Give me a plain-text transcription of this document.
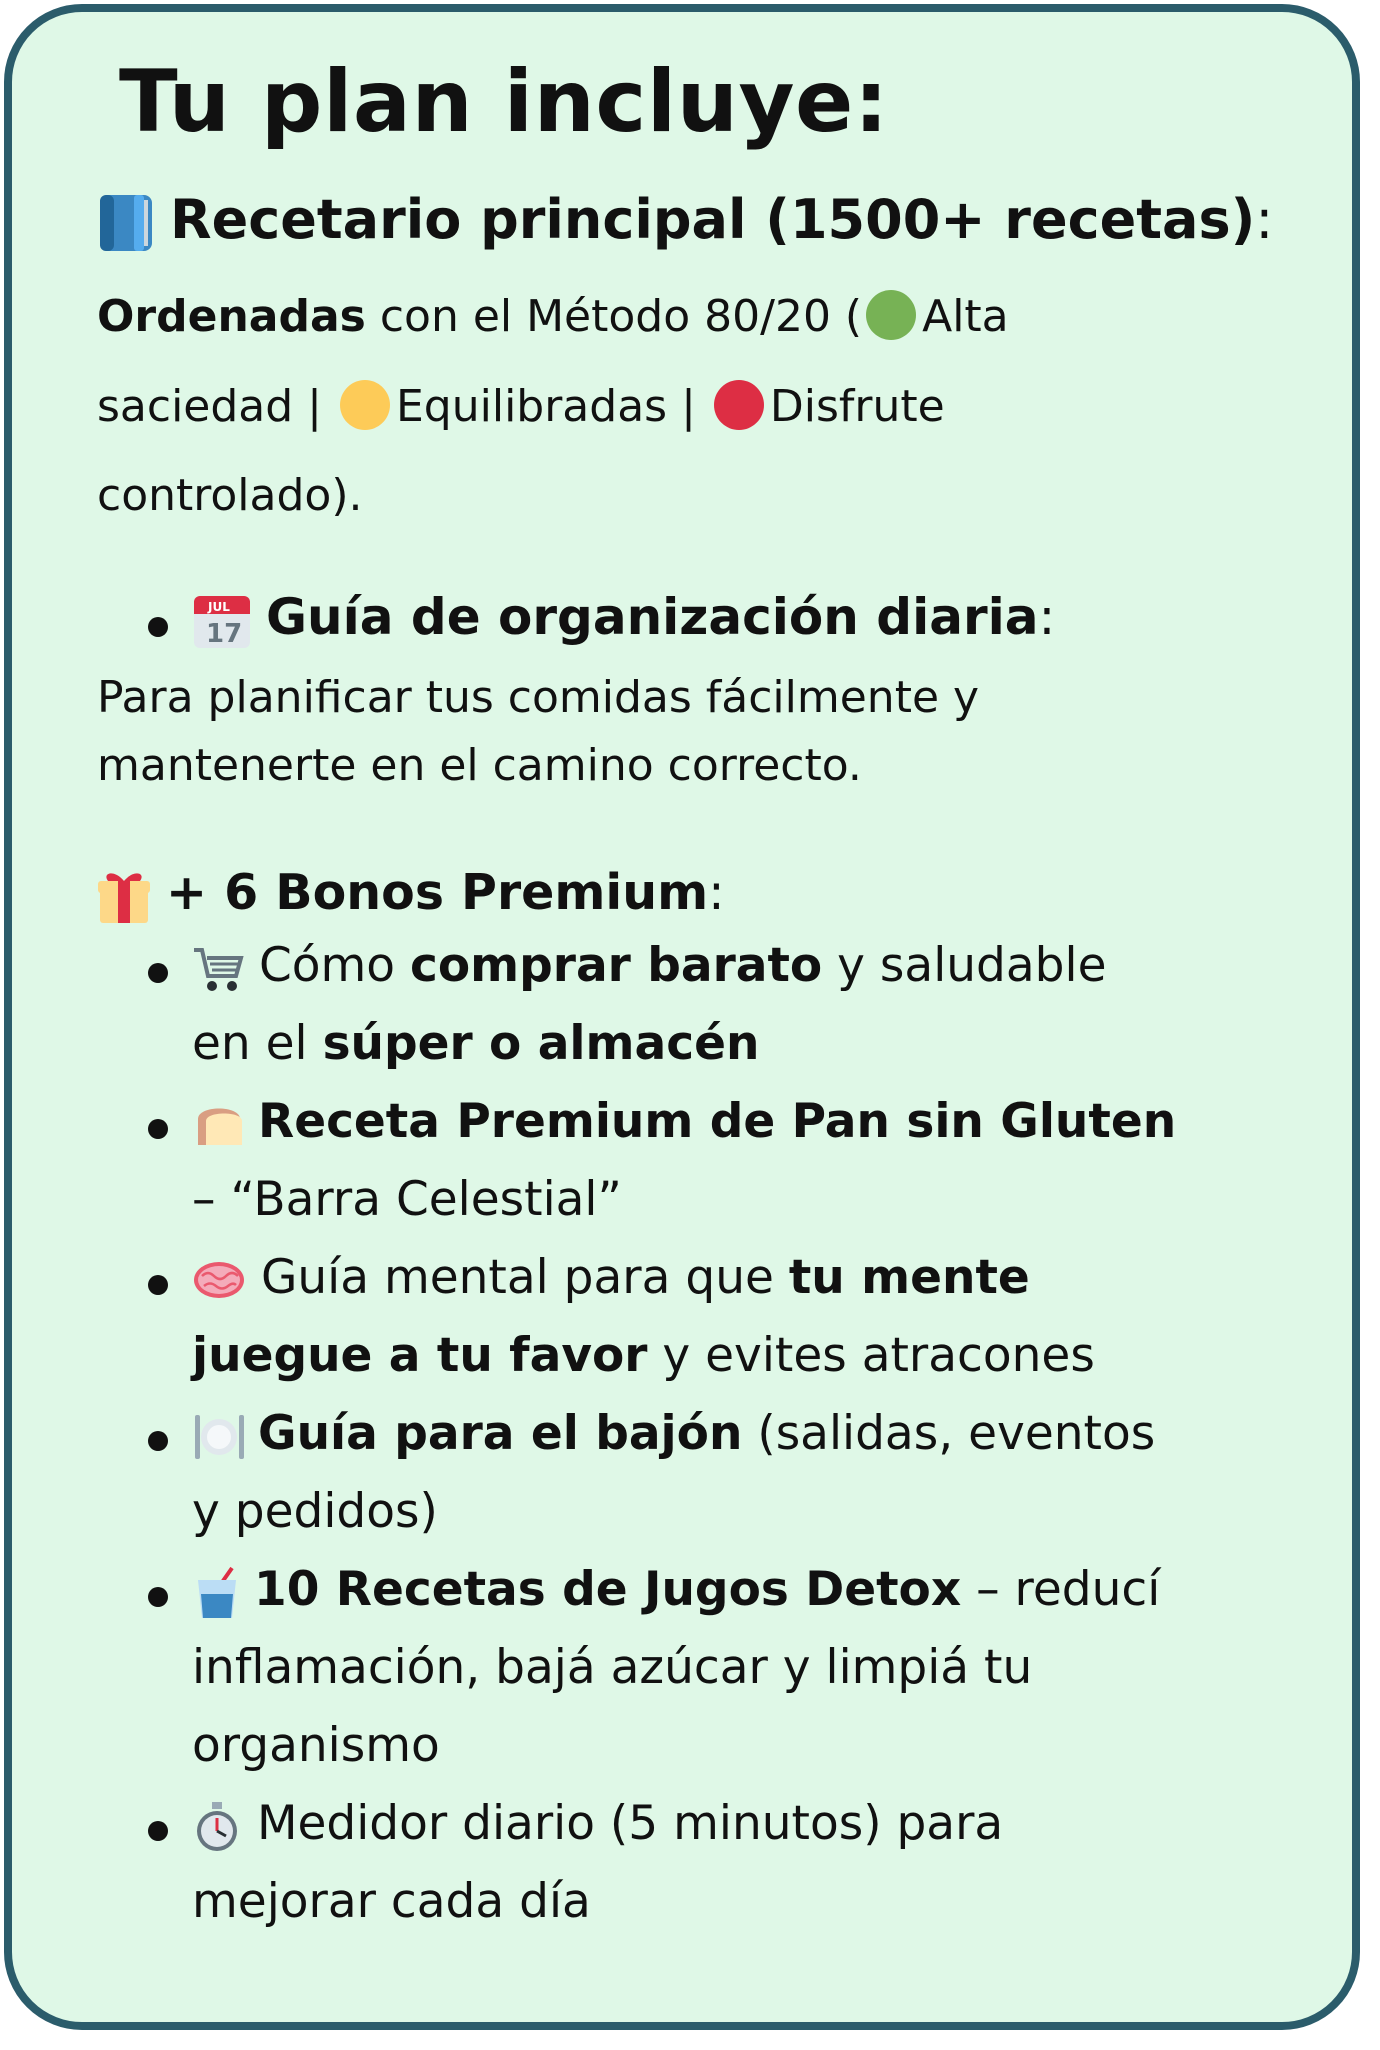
Tu plan incluye:
Recetario principal (1500+ recetas):
Ordenadas con el Método 80/20 ( Alta
saciedad | Equilibradas | Disfrute
controlado).
JUL
17 Guía de organización diaria:
Para planificar tus comidas fácilmente y
mantenerte en el camino correcto.
+ 6 Bonos Premium:
Cómo comprar barato y saludable
en el súper o almacén
Receta Premium de Pan sin Gluten
– “Barra Celestial”
Guía mental para que tu mente
juegue a tu favor y evites atracones
Guía para el bajón (salidas, eventos
y pedidos)
10 Recetas de Jugos Detox – reducí
inflamación, bajá azúcar y limpiá tu
organismo
Medidor diario (5 minutos) para
mejorar cada día
